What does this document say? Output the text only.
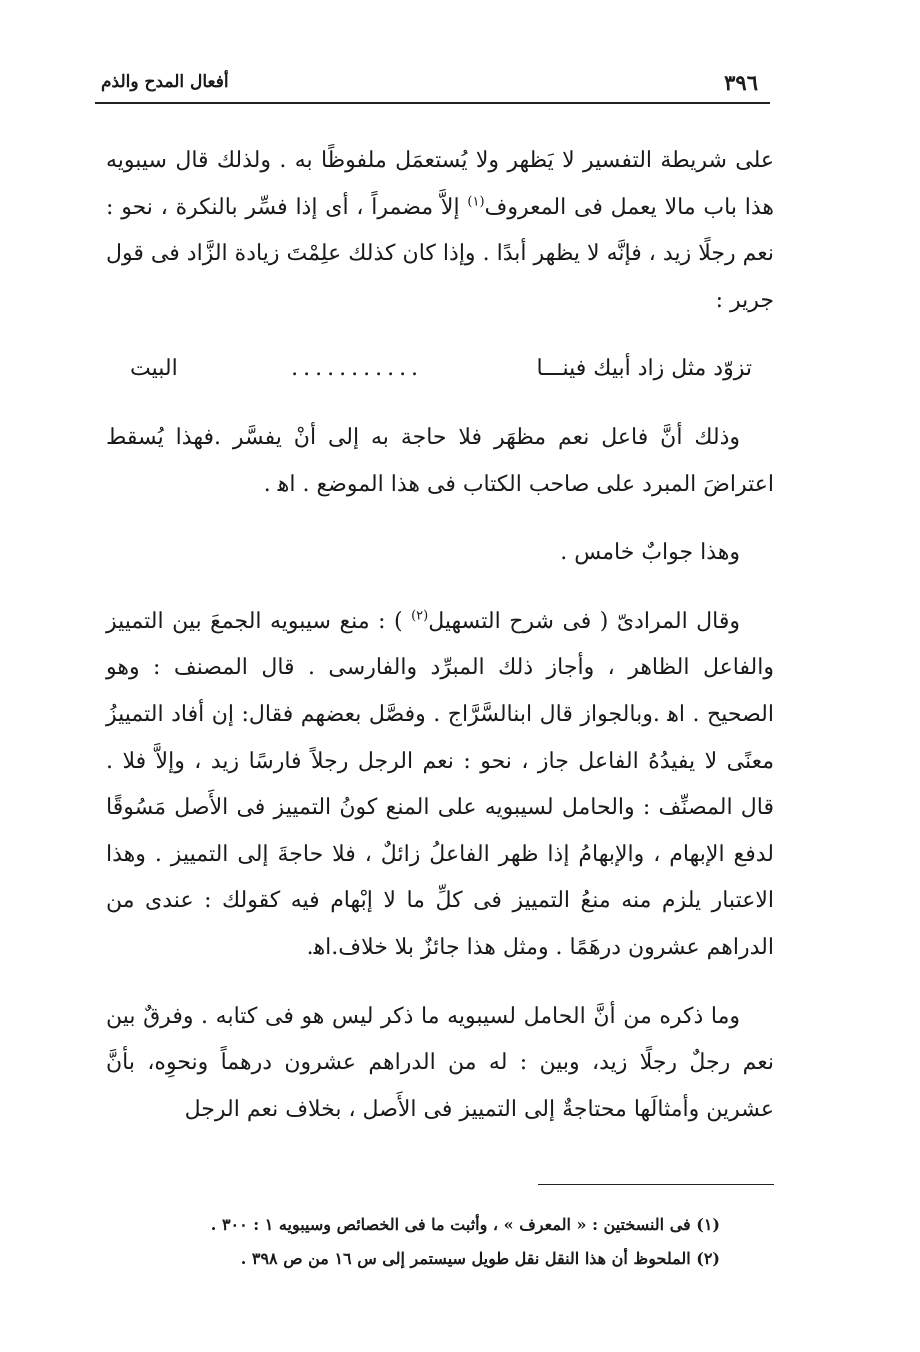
٣٩٦
أفعال المدح والذم

على شريطة التفسير لا يَظهر ولا يُستعمَل ملفوظًا به . ولذلك قال سيبويه هذا باب مالا يعمل فى المعروف$^{(١)}$ إلاَّ مضمراً ، أى إذا فسِّر بالنكرة ، نحو : نعم رجلًا زيد ، فإنَّه لا يظهر أبدًا . وإذا كان كذلك علِمْتَ زيادة الزَّاد فى قول جرير :

تزوّد مثل زاد أبيك فينـــا
...........
البيت

وذلك أنَّ فاعل نعم مظهَر فلا حاجة به إلى أنْ يفسَّر .فهذا يُسقط اعتراضَ المبرد على صاحب الكتاب فى هذا الموضع . اﻫ .

وهذا جوابٌ خامس .

وقال المرادىّ ( فى شرح التسهيل$^{(٢)}$ ) : منع سيبويه الجمعَ بين التمييز والفاعل الظاهر ، وأجاز ذلك المبرِّد والفارسى . قال المصنف : وهو الصحيح . اﻫ .وبالجواز قال ابنالسَّرَّاج . وفصَّل بعضهم فقال: إن أفاد التمييزُ معنًى لا يفيدُهُ الفاعل جاز ، نحو : نعم الرجل رجلاً فارسًا زيد ، وإلاَّ فلا . قال المصنِّف : والحامل لسيبويه على المنع كونُ التمييز فى الأَصل مَسُوقًا لدفع الإبهام ، والإبهامُ إذا ظهر الفاعلُ زائلٌ ، فلا حاجةَ إلى التمييز . وهذا الاعتبار يلزم منه منعُ التمييز فى كلِّ ما لا إبْهام فيه كقولك : عندى من الدراهم عشرون درهَمًا . ومثل هذا جائزٌ بلا خلاف.اﻫ.

وما ذكره من أنَّ الحامل لسيبويه ما ذكر ليس هو فى كتابه . وفرقٌ بين نعم رجلٌ رجلًا زيد، وبين : له من الدراهم عشرون درهماً ونحوِه، بأنَّ عشرين وأمثالَها محتاجةٌ إلى التمييز فى الأَصل ، بخلاف نعم الرجل

(١) فى النسختين : « المعرف » ، وأثبت ما فى الخصائص وسيبويه ١ : ٣٠٠ .

(٢) الملحوظ أن هذا النقل نقل طويل سيستمر إلى س ١٦ من ص ٣٩٨ .
